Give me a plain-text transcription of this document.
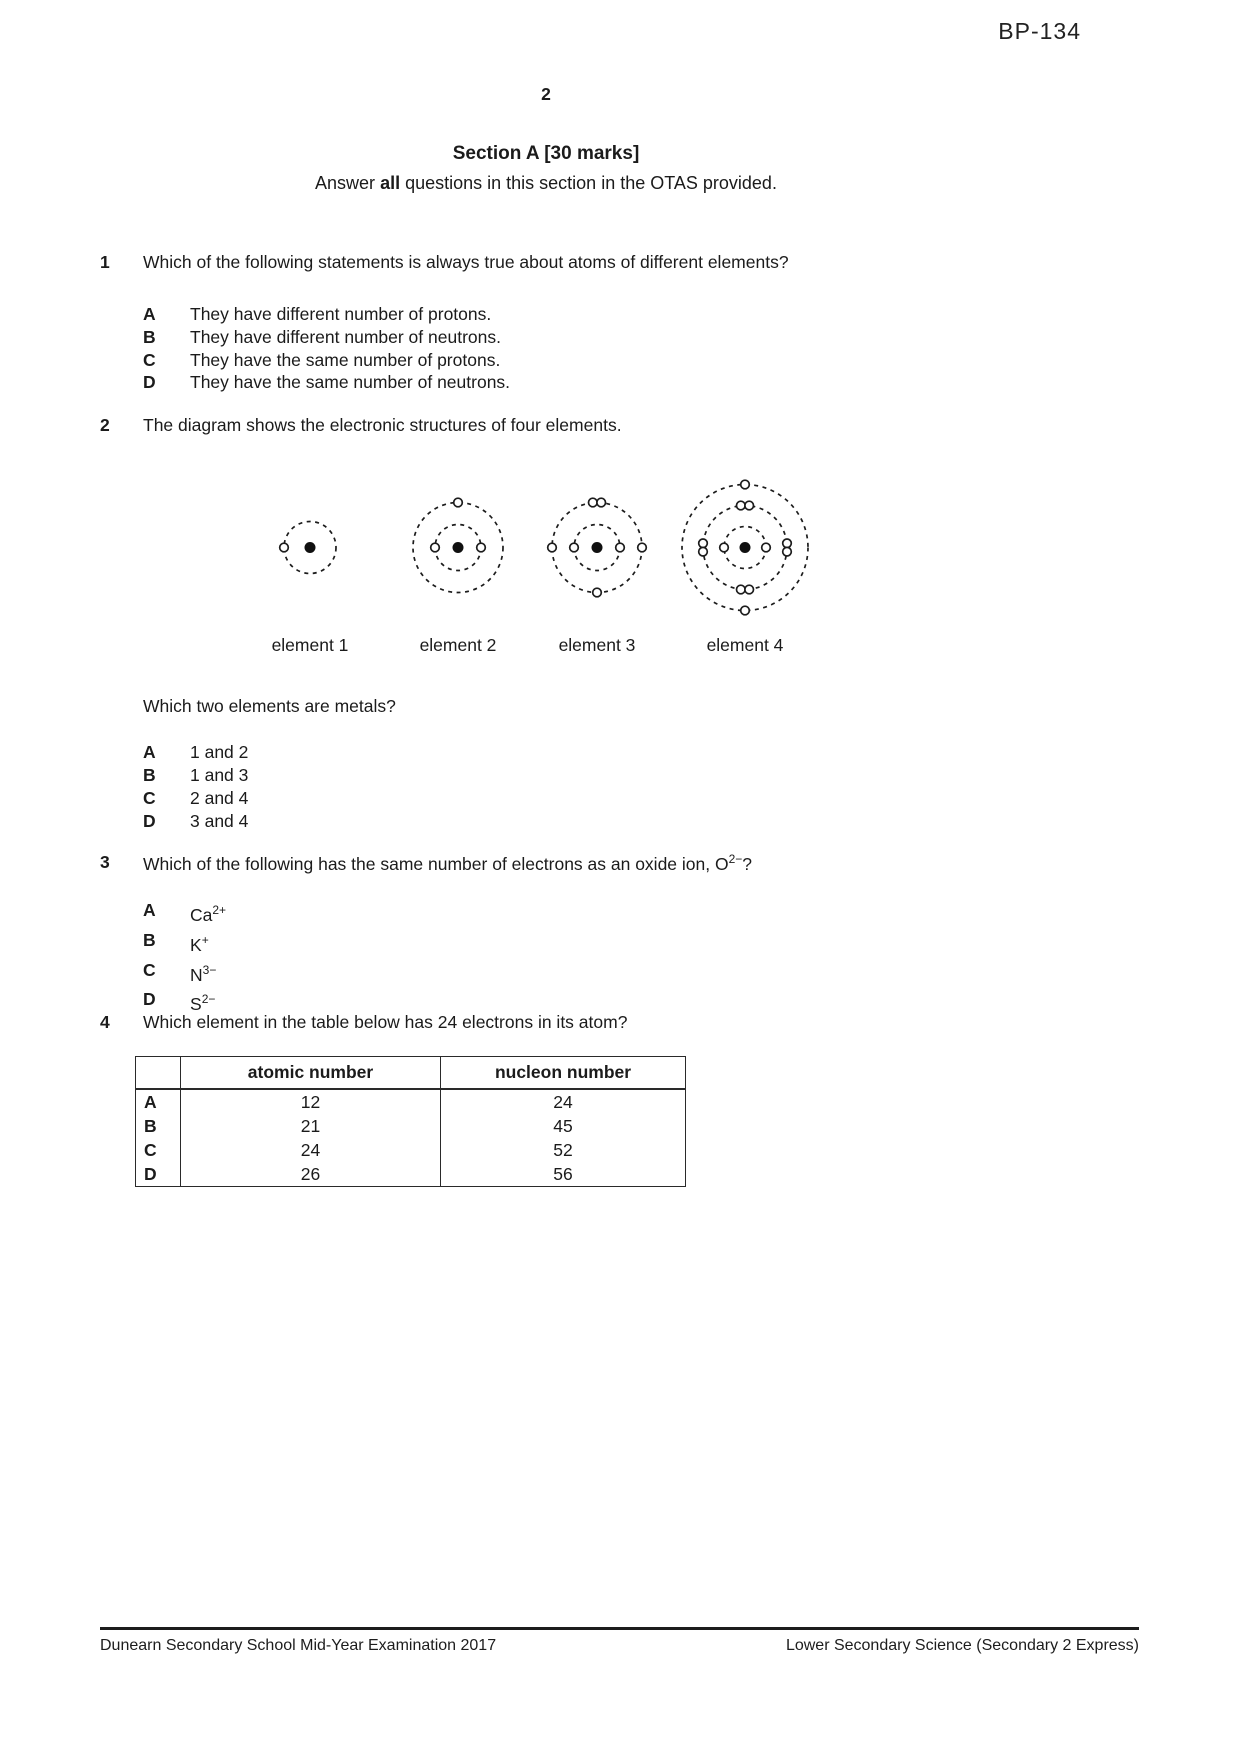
BP-134
2
Section A [30 marks]
Answer all questions in this section in the OTAS provided.
1	Which of the following statements is always true about atoms of different elements?
A	They have different number of protons.
B	They have different number of neutrons.
C	They have the same number of protons.
D	They have the same number of neutrons.
2	The diagram shows the electronic structures of four elements.
element 1	element 2	element 3	element 4
Which two elements are metals?
A	1 and 2
B	1 and 3
C	2 and 4
D	3 and 4
3	Which of the following has the same number of electrons as an oxide ion, $O^{2-}$?
A	$Ca^{2+}$
B	K+
C	$N^{3-}$
D	$S^{2-}$
4	Which element in the table below has 24 electrons in its atom?
	atomic number	nucleon number
A	12	24
B	21	45
C	24	52
D	26	56
Dunearn Secondary School Mid-Year Examination 2017	Lower Secondary Science (Secondary 2 Express)
